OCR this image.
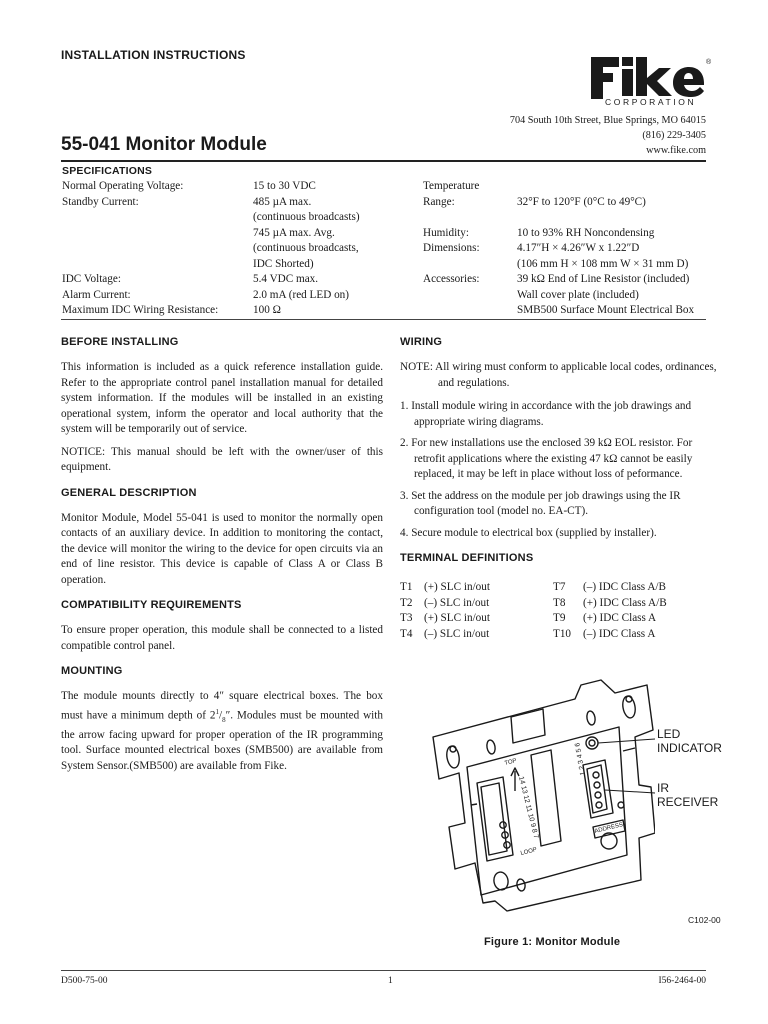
INSTALLATION INSTRUCTIONS
®
CORPORATION
704 South 10th Street, Blue Springs, MO 64015
(816) 229-3405
www.fike.com
55-041 Monitor Module
SPECIFICATIONS
Normal Operating Voltage:
Standby Current:

IDC Voltage:
Alarm Current:
Maximum IDC Wiring Resistance:
15 to 30 VDC
485 µA max.
(continuous broadcasts)
745 µA max. Avg.
(continuous broadcasts,
IDC Shorted)
5.4 VDC max.
2.0 mA (red LED on)
100 Ω
Temperature
Range:

Humidity:
Dimensions:

Accessories:

32°F to 120°F (0°C to 49°C)

10 to 93% RH Noncondensing
4.17″H × 4.26″W x 1.22″D
(106 mm H × 108 mm W × 31 mm D)
39 kΩ End of Line Resistor (included)
Wall cover plate (included)
SMB500 Surface Mount Electrical Box
BEFORE INSTALLING

This information is included as a quick reference installation guide. Refer to the appropriate control panel installation manual for detailed system information. If the modules will be installed in an existing operational system, inform the operator and local authority that the system will be temporarily out of service.

NOTICE: This manual should be left with the owner/user of this equipment.

GENERAL DESCRIPTION

Monitor Module, Model 55-041 is used to monitor the normally open contacts of an auxiliary device. In addition to monitoring the contact, the device will monitor the wiring to the device for open circuits via an end of line resistor. This device is capable of Class A or Class B operation.

COMPATIBILITY REQUIREMENTS

To ensure proper operation, this module shall be connected to a listed compatible control panel.

MOUNTING

The module mounts directly to 4″ square electrical boxes. The box must have a minimum depth of $2^1/_8''$. Modules must be mounted with the arrow facing upward for proper operation of the IR programming tool. Surface mounted electrical boxes (SMB500) are available from System Sensor.(SMB500) are available from Fike.

WIRING
NOTE: All wiring must conform to applicable local codes, ordinances, and regulations.
1. Install module wiring in accordance with the job drawings and appropriate wiring diagrams.
2. For new installations use the enclosed 39 kΩ EOL resistor. For retrofit applications where the existing 47 kΩ cannot be easily replaced, it may be left in place without loss of peformance.
3. Set the address on the module per job drawings using the IR configuration tool (model no. EA-CT).
4. Secure module to electrical box (supplied by installer).
TERMINAL DEFINITIONS
T1 (+) SLC in/out
T2 (–) SLC in/out
T3 (+) SLC in/out
T4 (–) SLC in/out
T7 (–) IDC Class A/B
T8 (+) IDC Class A/B
T9 (+) IDC Class A
T10 (–) IDC Class A
TOP
14 13 12 11 10 9 8 7
LOOP
ADDRESS
1 2 3 4 5 6
LED
INDICATOR
IR
RECEIVER
C102-00
Figure 1: Monitor Module
D500-75-00	1	I56-2464-00
